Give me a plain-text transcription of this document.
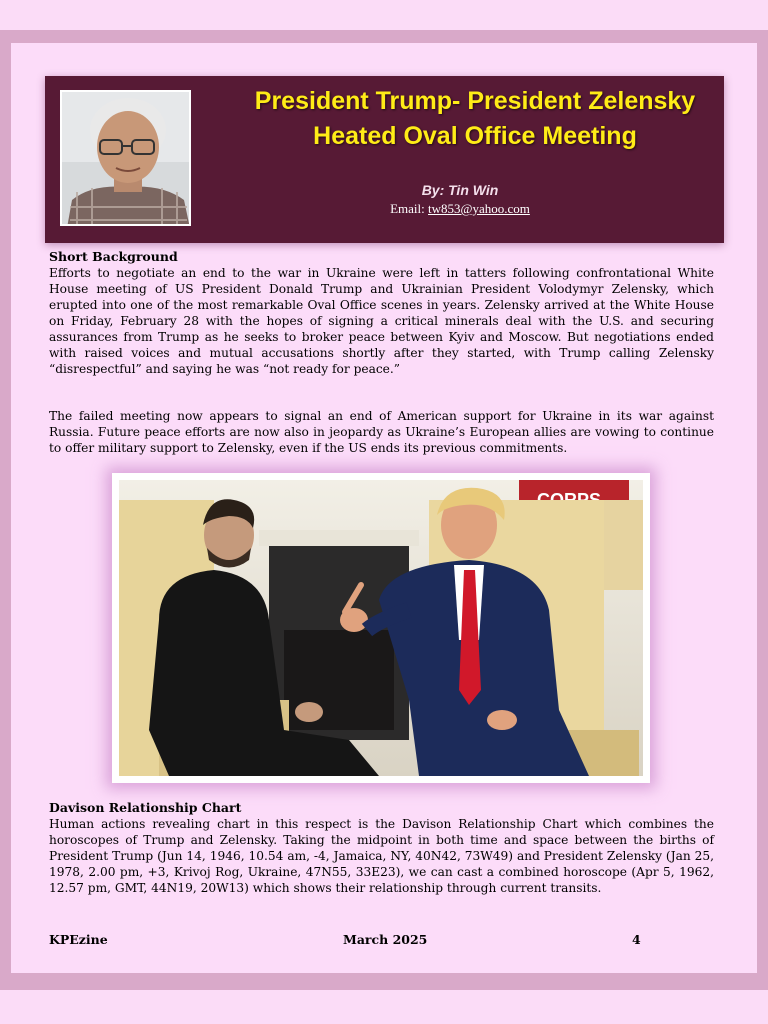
President Trump- President Zelensky
Heated Oval Office Meeting
By: Tin Win
Email: tw853@yahoo.com
Short Background

Efforts to negotiate an end to the war in Ukraine were left in tatters following confrontational White House meeting of US President Donald Trump and Ukrainian President Volodymyr Zelensky, which erupted into one of the most remarkable Oval Office scenes in years. Zelensky arrived at the White House on Friday, February 28 with the hopes of signing a critical minerals deal with the U.S. and securing assurances from Trump as he seeks to broker peace between Kyiv and Moscow. But negotiations ended with raised voices and mutual accusations shortly after they started, with Trump calling Zelensky “disrespectful” and saying he was “not ready for peace.”

The failed meeting now appears to signal an end of American support for Ukraine in its war against Russia. Future peace efforts are now also in jeopardy as Ukraine’s European allies are vowing to continue to offer military support to Zelensky, even if the US ends its previous commitments.

Davison Relationship Chart

Human actions revealing chart in this respect is the Davison Relationship Chart which combines the horoscopes of Trump and Zelensky. Taking the midpoint in both time and space between the births of President Trump (Jun 14, 1946, 10.54 am, -4, Jamaica, NY, 40N42, 73W49) and President Zelensky (Jan 25, 1978, 2.00 pm, +3, Krivoj Rog, Ukraine, 47N55, 33E23), we can cast a combined horoscope (Apr 5, 1962, 12.57 pm, GMT, 44N19, 20W13) which shows their relationship through current transits.

KPEzine	March 2025	4
